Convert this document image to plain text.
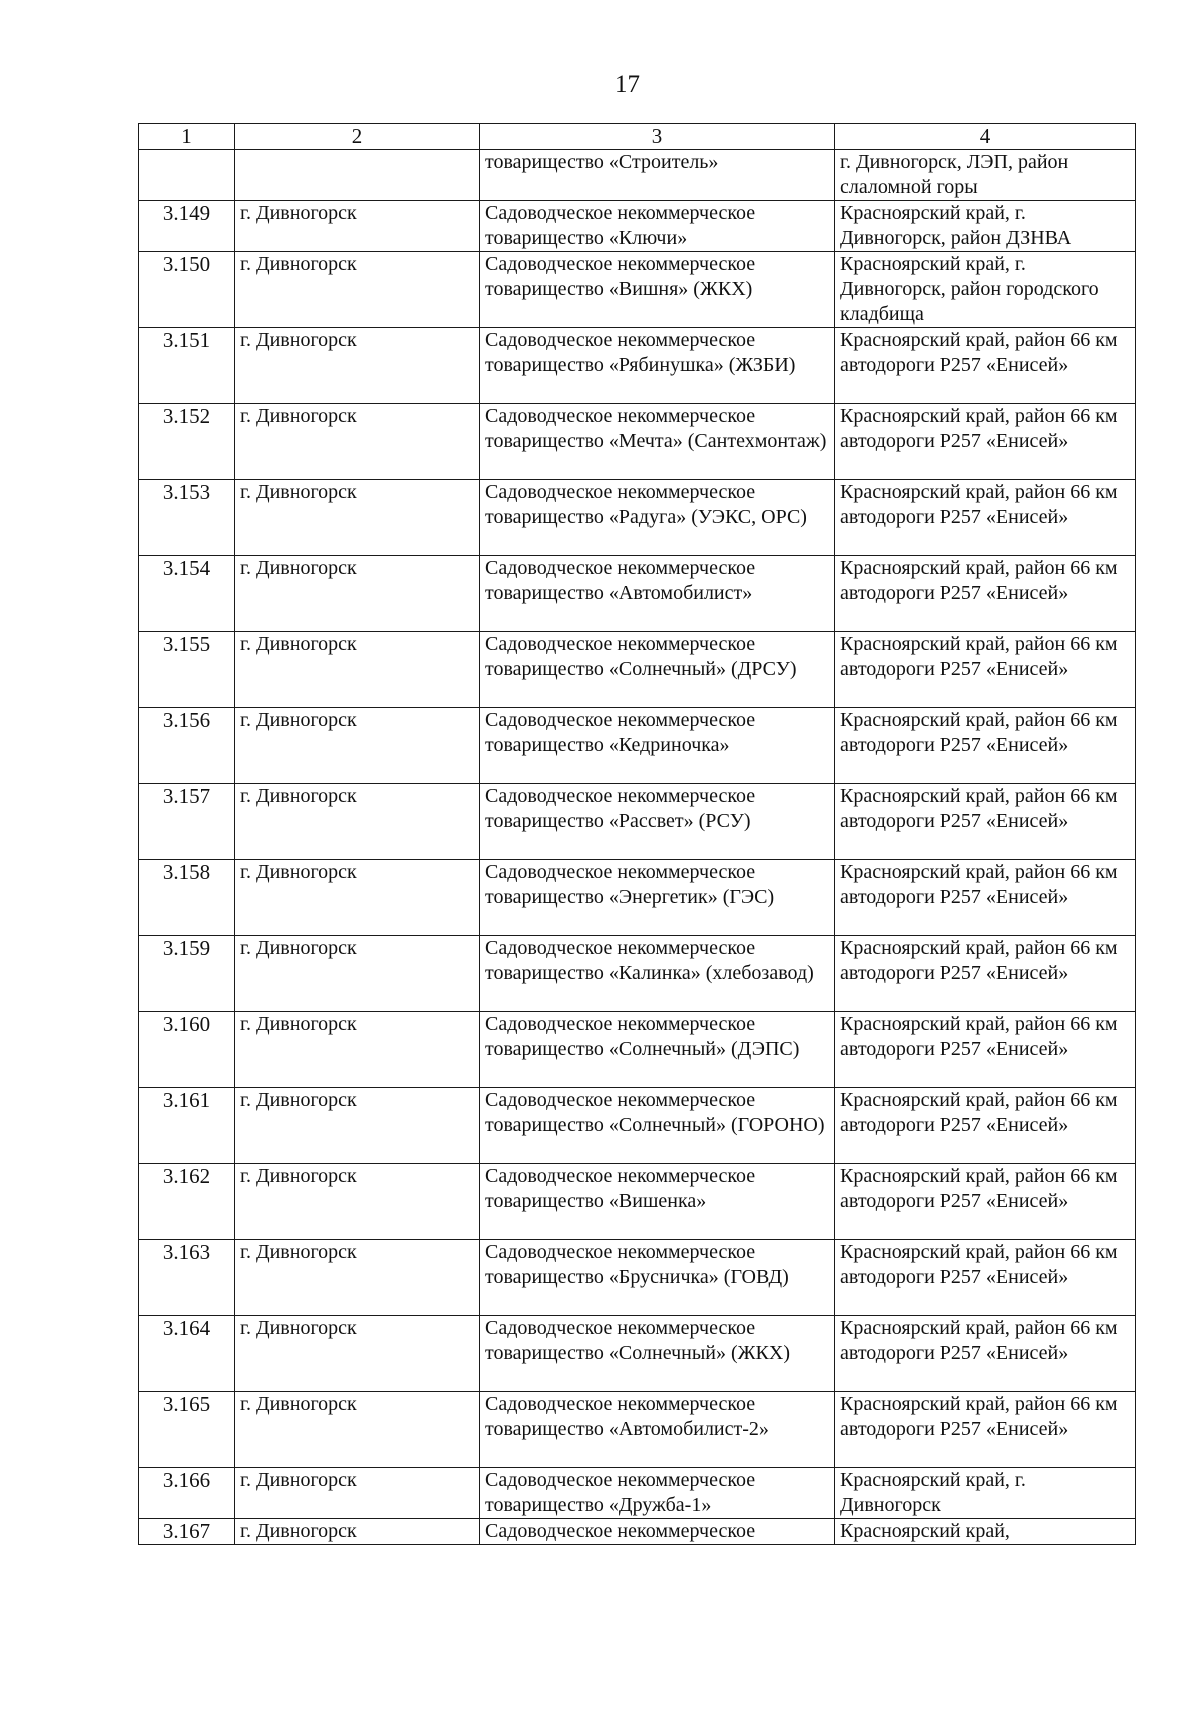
17
1	2	3	4
		товарищество «Строитель»	г. Дивногорск, ЛЭП, район слаломной горы
3.149	г. Дивногорск	Садоводческое некоммерческое товарищество «Ключи»	Красноярский край, г. Дивногорск, район ДЗНВА
3.150	г. Дивногорск	Садоводческое некоммерческое товарищество «Вишня» (ЖКХ)	Красноярский край, г. Дивногорск, район городского кладбища
3.151	г. Дивногорск	Садоводческое некоммерческое товарищество «Рябинушка» (ЖЗБИ)	Красноярский край, район 66 км автодороги Р257 «Енисей»
3.152	г. Дивногорск	Садоводческое некоммерческое товарищество «Мечта» (Сантехмонтаж)	Красноярский край, район 66 км автодороги Р257 «Енисей»
3.153	г. Дивногорск	Садоводческое некоммерческое товарищество «Радуга» (УЭКС, ОРС)	Красноярский край, район 66 км автодороги Р257 «Енисей»
3.154	г. Дивногорск	Садоводческое некоммерческое товарищество «Автомобилист»	Красноярский край, район 66 км автодороги Р257 «Енисей»
3.155	г. Дивногорск	Садоводческое некоммерческое товарищество «Солнечный» (ДРСУ)	Красноярский край, район 66 км автодороги Р257 «Енисей»
3.156	г. Дивногорск	Садоводческое некоммерческое товарищество «Кедриночка»	Красноярский край, район 66 км автодороги Р257 «Енисей»
3.157	г. Дивногорск	Садоводческое некоммерческое товарищество «Рассвет» (РСУ)	Красноярский край, район 66 км автодороги Р257 «Енисей»
3.158	г. Дивногорск	Садоводческое некоммерческое товарищество «Энергетик» (ГЭС)	Красноярский край, район 66 км автодороги Р257 «Енисей»
3.159	г. Дивногорск	Садоводческое некоммерческое товарищество «Калинка» (хлебозавод)	Красноярский край, район 66 км автодороги Р257 «Енисей»
3.160	г. Дивногорск	Садоводческое некоммерческое товарищество «Солнечный» (ДЭПС)	Красноярский край, район 66 км автодороги Р257 «Енисей»
3.161	г. Дивногорск	Садоводческое некоммерческое товарищество «Солнечный» (ГОРОНО)	Красноярский край, район 66 км автодороги Р257 «Енисей»
3.162	г. Дивногорск	Садоводческое некоммерческое товарищество «Вишенка»	Красноярский край, район 66 км автодороги Р257 «Енисей»
3.163	г. Дивногорск	Садоводческое некоммерческое товарищество «Брусничка» (ГОВД)	Красноярский край, район 66 км автодороги Р257 «Енисей»
3.164	г. Дивногорск	Садоводческое некоммерческое товарищество «Солнечный» (ЖКХ)	Красноярский край, район 66 км автодороги Р257 «Енисей»
3.165	г. Дивногорск	Садоводческое некоммерческое товарищество «Автомобилист-2»	Красноярский край, район 66 км автодороги Р257 «Енисей»
3.166	г. Дивногорск	Садоводческое некоммерческое товарищество «Дружба-1»	Красноярский край, г. Дивногорск
3.167	г. Дивногорск	Садоводческое некоммерческое	Красноярский край,
